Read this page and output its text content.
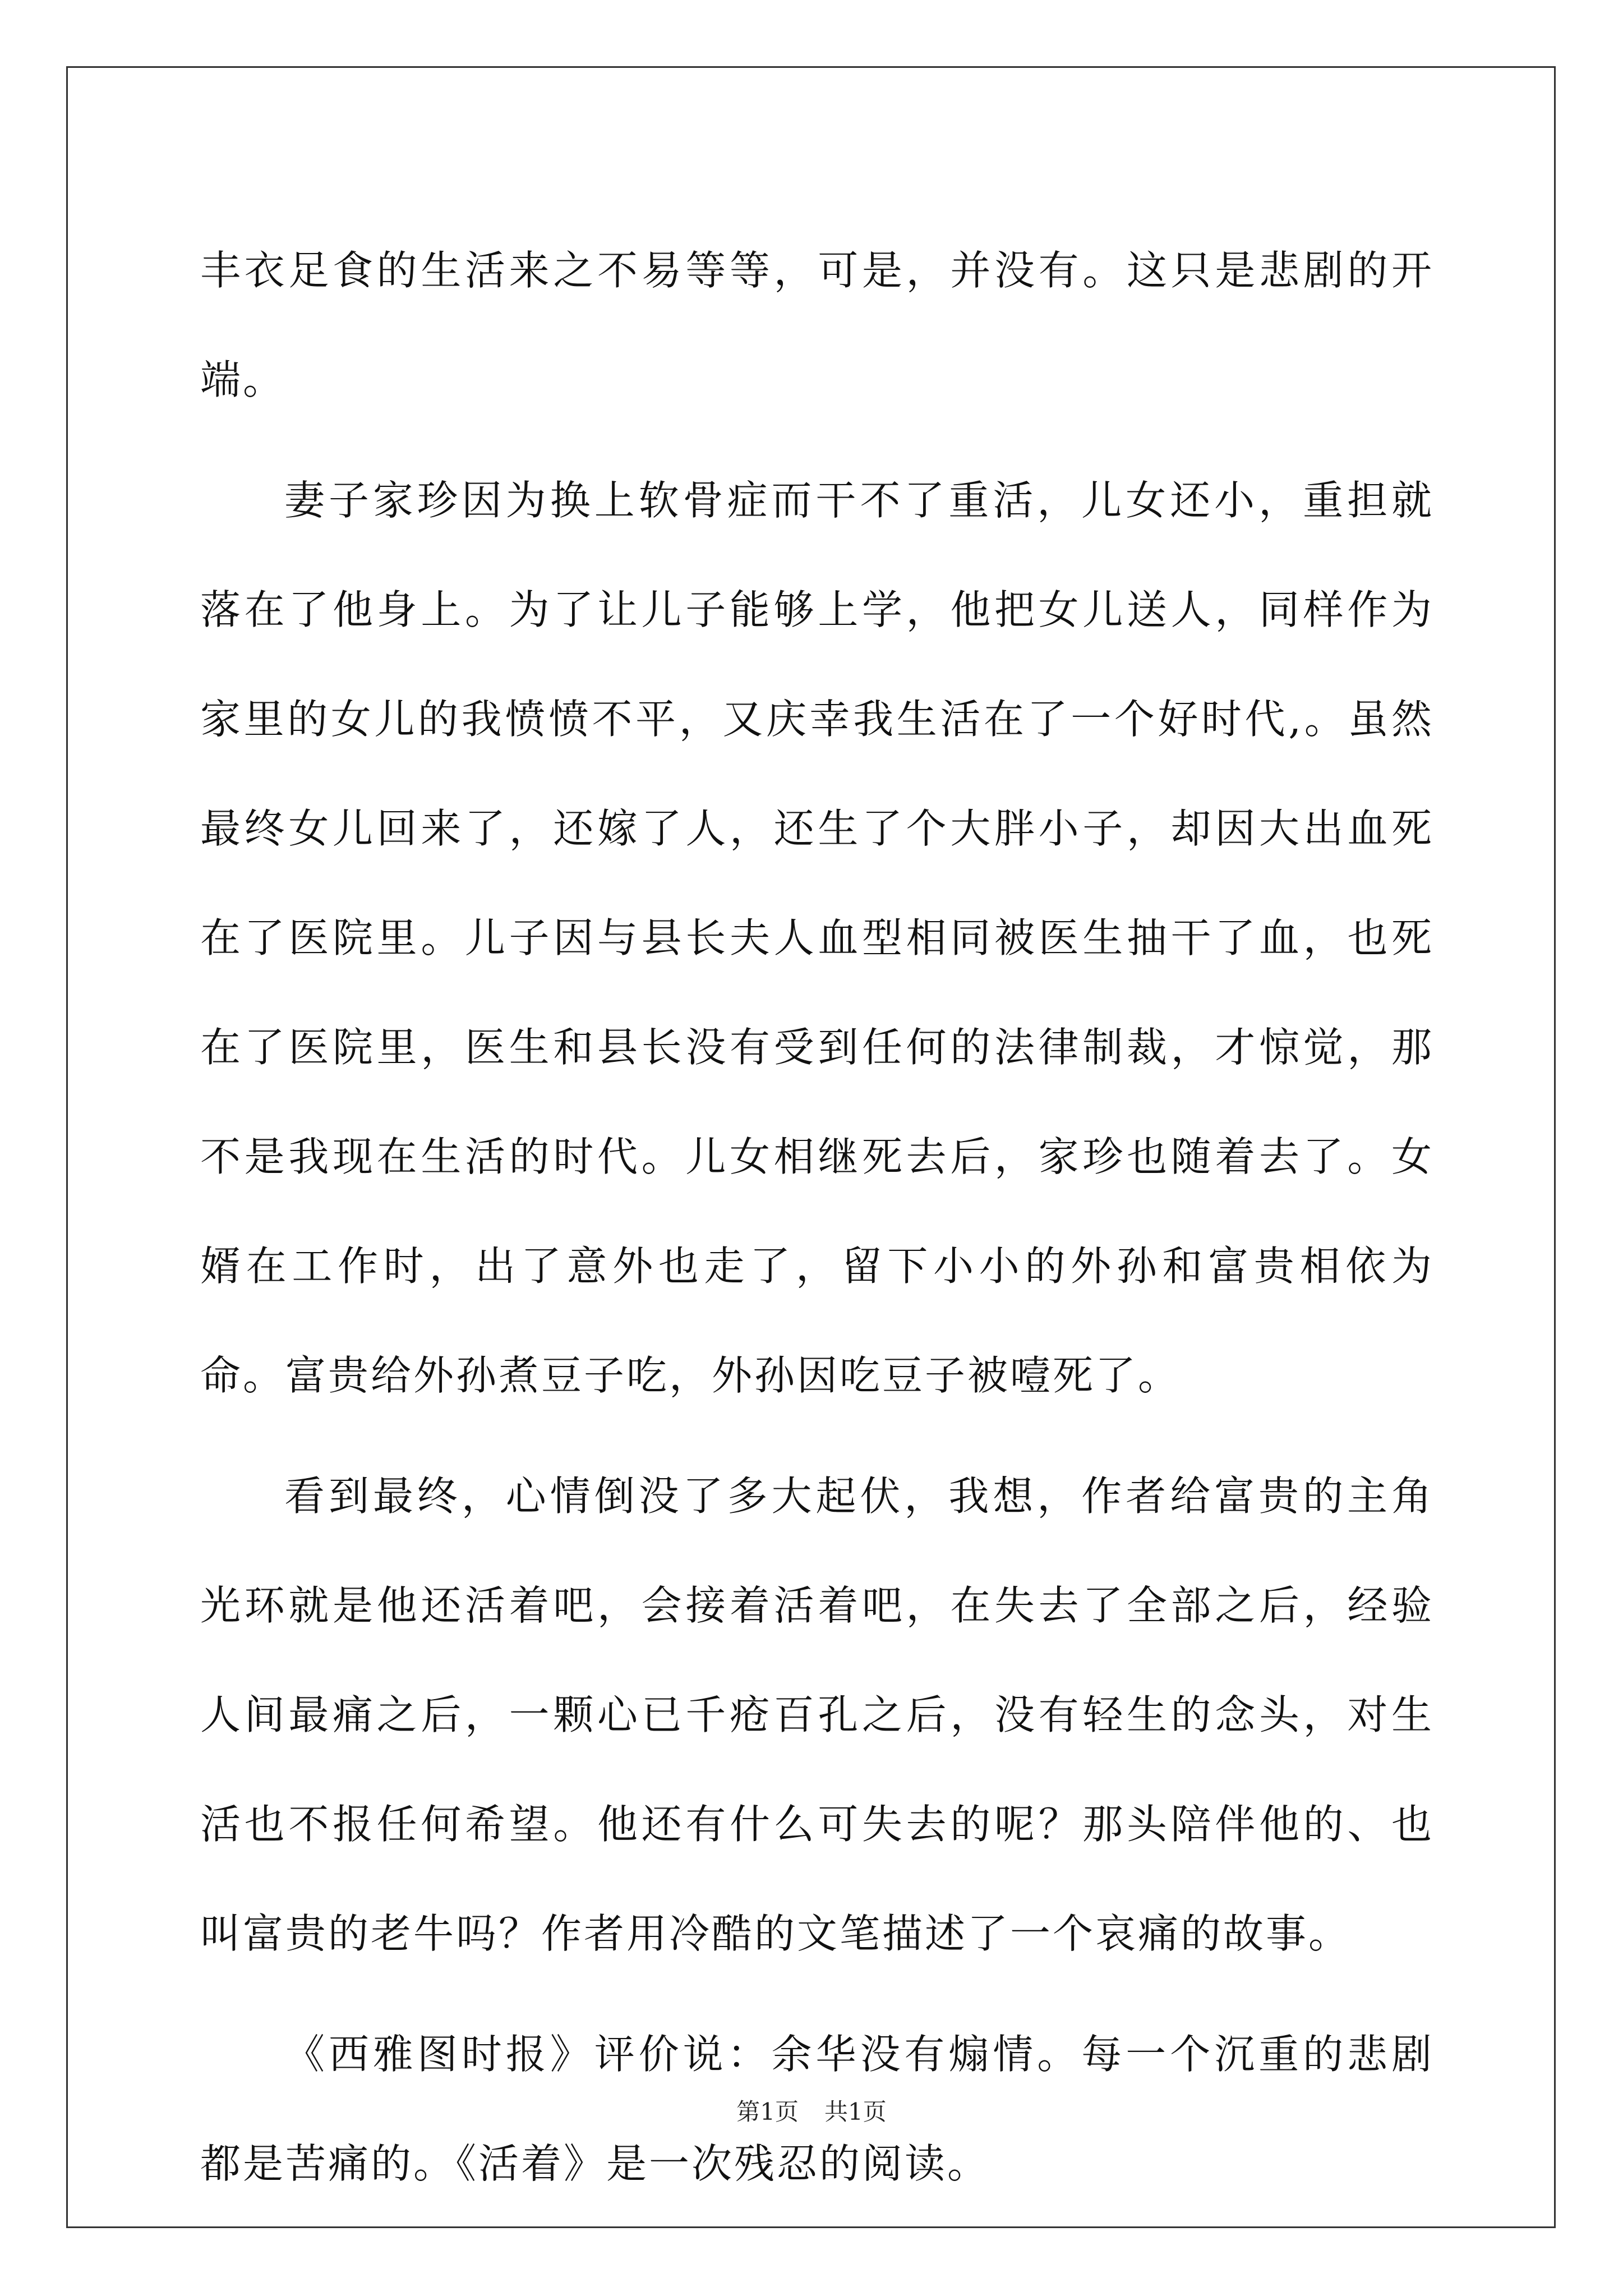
丰衣足食的生活来之不易等等，可是，并没有。这只是悲剧的开端。

妻子家珍因为换上软骨症而干不了重活，儿女还小，重担就落在了他身上。为了让儿子能够上学，他把女儿送人，同样作为家里的女儿的我愤愤不平，又庆幸我生活在了一个好时代,。虽然最终女儿回来了，还嫁了人，还生了个大胖小子，却因大出血死在了医院里。儿子因与县长夫人血型相同被医生抽干了血，也死在了医院里，医生和县长没有受到任何的法律制裁，才惊觉，那不是我现在生活的时代。儿女相继死去后，家珍也随着去了。女婿在工作时，出了意外也走了，留下小小的外孙和富贵相依为命。富贵给外孙煮豆子吃，外孙因吃豆子被噎死了。

看到最终，心情倒没了多大起伏，我想，作者给富贵的主角光环就是他还活着吧，会接着活着吧，在失去了全部之后，经验人间最痛之后，一颗心已千疮百孔之后，没有轻生的念头，对生活也不报任何希望。他还有什么可失去的呢？那头陪伴他的、也叫富贵的老牛吗？作者用冷酷的文笔描述了一个哀痛的故事。

《西雅图时报》评价说：余华没有煽情。每一个沉重的悲剧都是苦痛的。《活着》是一次残忍的阅读。

第1页 共1页
